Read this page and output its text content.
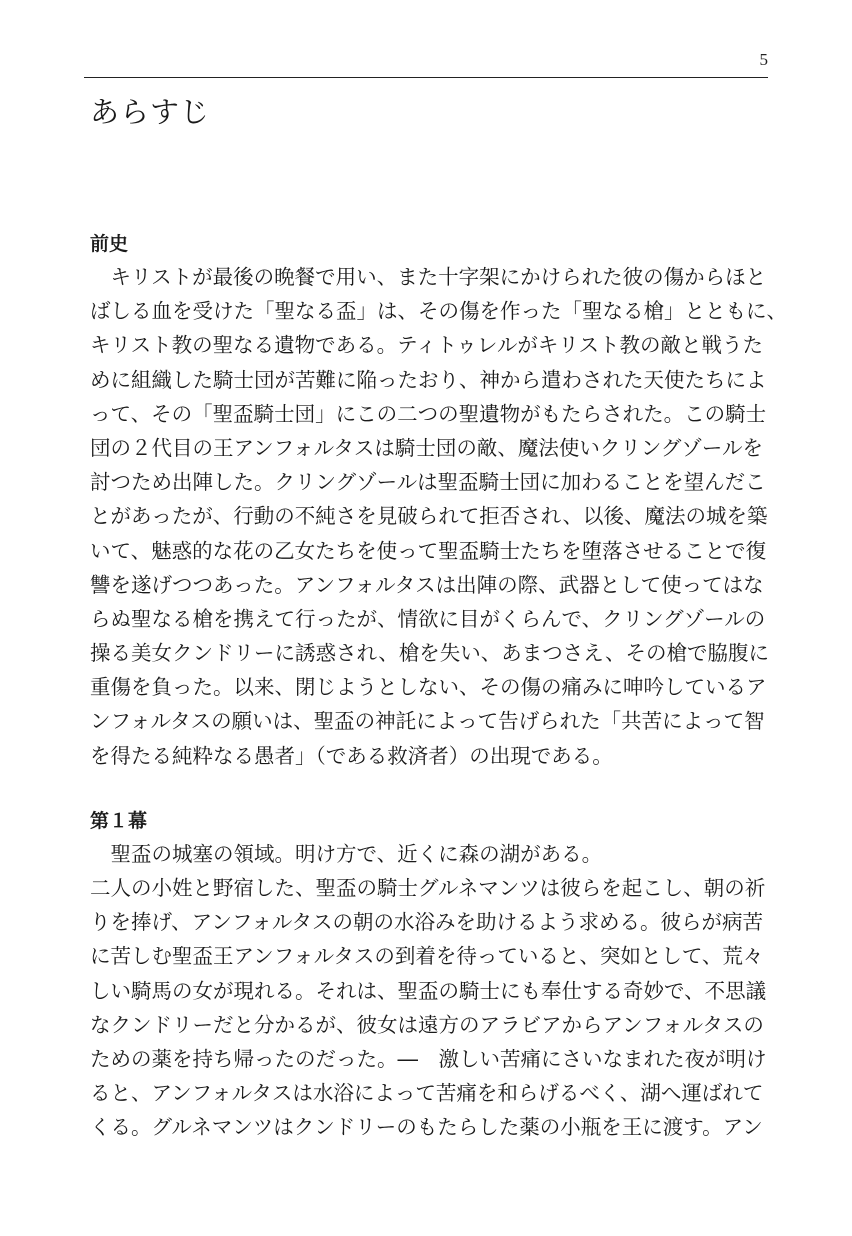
5
あらすじ
前史
　キリストが最後の晩餐で用い、また十字架にかけられた彼の傷からほと
ばしる血を受けた「聖なる盃」は、その傷を作った「聖なる槍」とともに、
キリスト教の聖なる遺物である。ティトゥレルがキリスト教の敵と戦うた
めに組織した騎士団が苦難に陥ったおり、神から遣わされた天使たちによ
って、その「聖盃騎士団」にこの二つの聖遺物がもたらされた。この騎士
団の２代目の王アンフォルタスは騎士団の敵、魔法使いクリングゾールを
討つため出陣した。クリングゾールは聖盃騎士団に加わることを望んだこ
とがあったが、行動の不純さを見破られて拒否され、以後、魔法の城を築
いて、魅惑的な花の乙女たちを使って聖盃騎士たちを堕落させることで復
讐を遂げつつあった。アンフォルタスは出陣の際、武器として使ってはな
らぬ聖なる槍を携えて行ったが、情欲に目がくらんで、クリングゾールの
操る美女クンドリーに誘惑され、槍を失い、あまつさえ、その槍で脇腹に
重傷を負った。以来、閉じようとしない、その傷の痛みに呻吟しているア
ンフォルタスの願いは、聖盃の神託によって告げられた「共苦によって智
を得たる純粋なる愚者」（である救済者）の出現である。
第１幕
　聖盃の城塞の領域。明け方で、近くに森の湖がある。
二人の小姓と野宿した、聖盃の騎士グルネマンツは彼らを起こし、朝の祈
りを捧げ、アンフォルタスの朝の水浴みを助けるよう求める。彼らが病苦
に苦しむ聖盃王アンフォルタスの到着を待っていると、突如として、荒々
しい騎馬の女が現れる。それは、聖盃の騎士にも奉仕する奇妙で、不思議
なクンドリーだと分かるが、彼女は遠方のアラビアからアンフォルタスの
ための薬を持ち帰ったのだった。―　激しい苦痛にさいなまれた夜が明け
ると、アンフォルタスは水浴によって苦痛を和らげるべく、湖へ運ばれて
くる。グルネマンツはクンドリーのもたらした薬の小瓶を王に渡す。アン
